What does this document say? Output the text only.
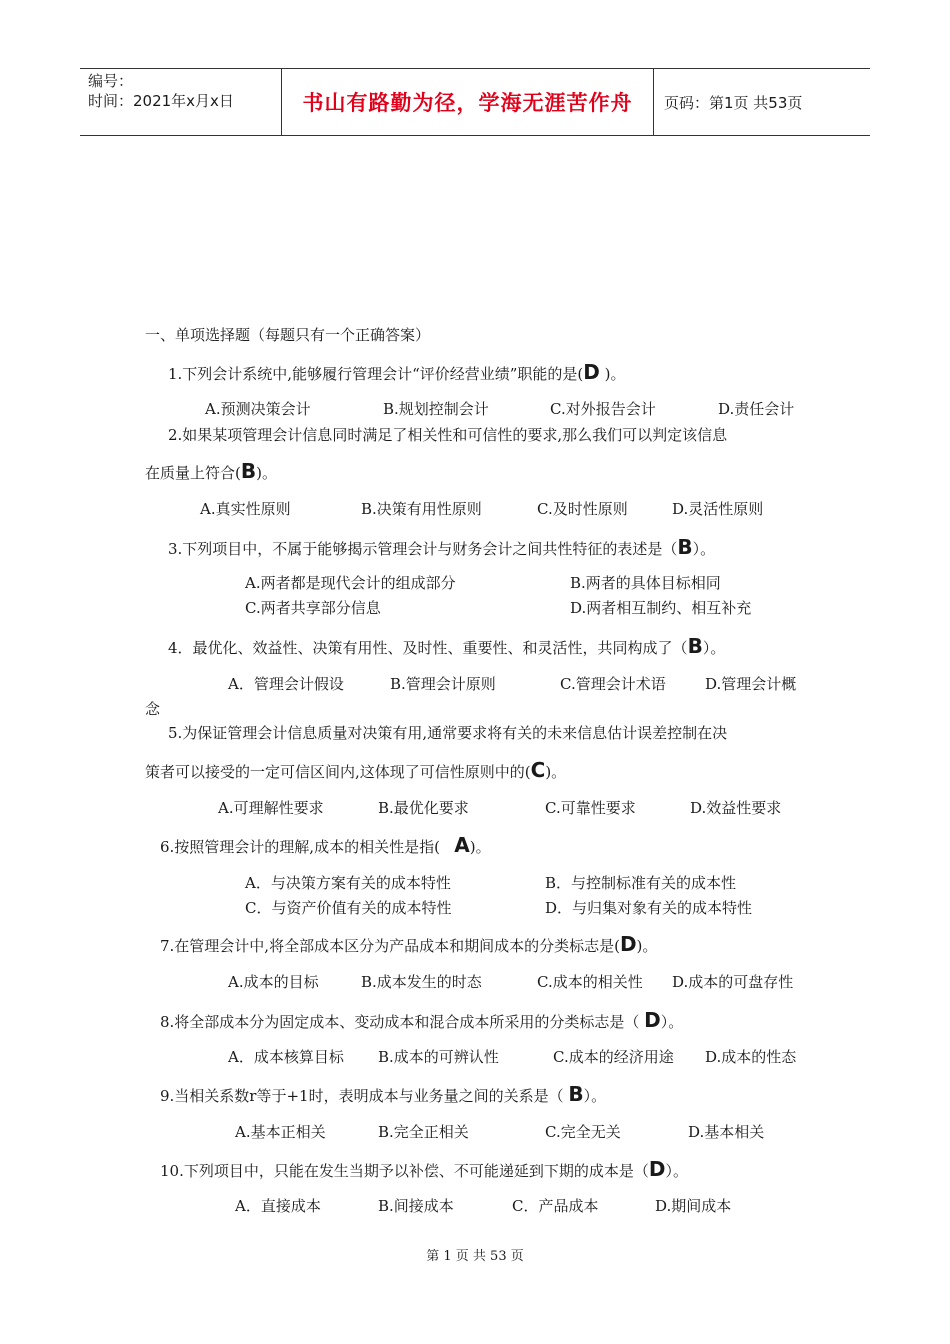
编号：
时间：2021年x月x日	书山有路勤为径，学海无涯苦作舟	页码：第1页 共53页
一、单项选择题（每题只有一个正确答案）
1.下列会计系统中,能够履行管理会计“评价经营业绩”职能的是(D )。
A.预测决策会计	B.规划控制会计	C.对外报告会计	D.责任会计
2.如果某项管理会计信息同时满足了相关性和可信性的要求,那么我们可以判定该信息
在质量上符合(B)。
A.真实性原则	B.决策有用性原则	C.及时性原则	D.灵活性原则
3.下列项目中，不属于能够揭示管理会计与财务会计之间共性特征的表述是（B）。
A.两者都是现代会计的组成部分	B.两者的具体目标相同
C.两者共享部分信息	D.两者相互制约、相互补充
4．最优化、效益性、决策有用性、及时性、重要性、和灵活性，共同构成了（B）。
A．管理会计假设	B.管理会计原则	C.管理会计术语	D.管理会计概
念
5.为保证管理会计信息质量对决策有用,通常要求将有关的未来信息估计误差控制在决
策者可以接受的一定可信区间内,这体现了可信性原则中的(C)。
A.可理解性要求	B.最优化要求	C.可靠性要求	D.效益性要求
6.按照管理会计的理解,成本的相关性是指( A)。
A．与决策方案有关的成本特性	B．与控制标准有关的成本性
C．与资产价值有关的成本特性	D．与归集对象有关的成本特性
7.在管理会计中,将全部成本区分为产品成本和期间成本的分类标志是(D)。
A.成本的目标	B.成本发生的时态	C.成本的相关性 D.成本的可盘存性
8.将全部成本分为固定成本、变动成本和混合成本所采用的分类标志是（ D）。
A．成本核算目标 B.成本的可辨认性	C.成本的经济用途 D.成本的性态
9.当相关系数r等于+1时，表明成本与业务量之间的关系是（ B）。
A.基本正相关	B.完全正相关	C.完全无关	D.基本相关
10.下列项目中，只能在发生当期予以补偿、不可能递延到下期的成本是（D）。
A．直接成本	B.间接成本	C．产品成本	D.期间成本
第 1 页 共 53 页
